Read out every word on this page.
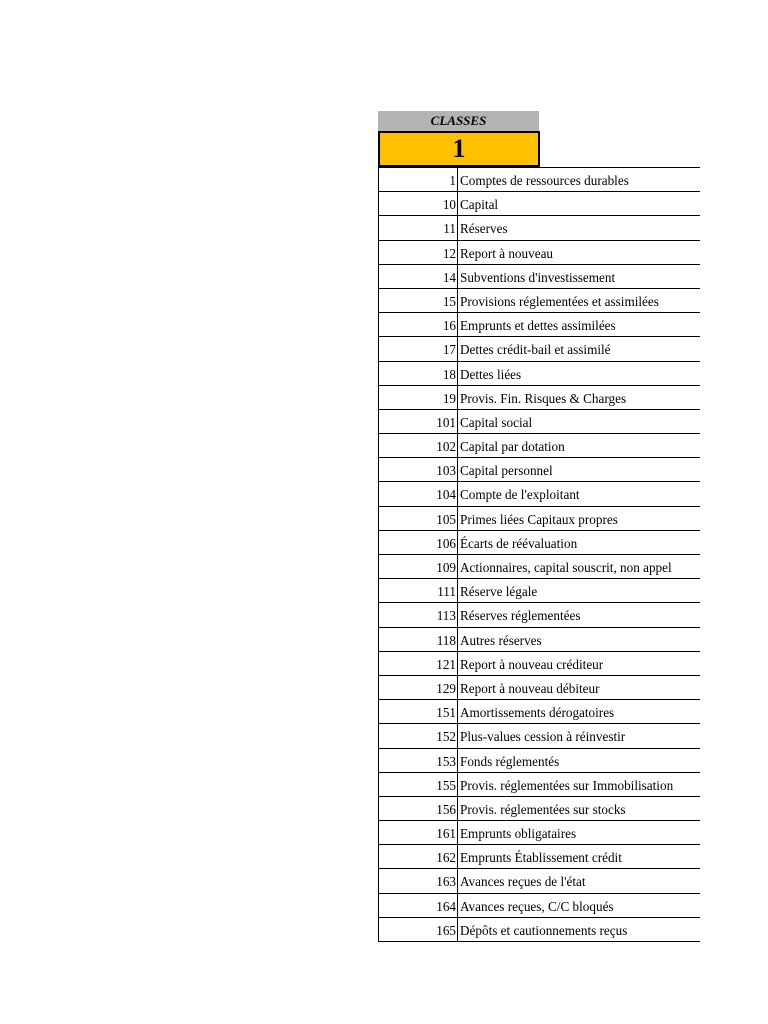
CLASSES
1
1 Comptes de ressources durables
10 Capital
11 Réserves
12 Report à nouveau
14 Subventions d'investissement
15 Provisions réglementées et assimilées
16 Emprunts et dettes assimilées
17 Dettes crédit-bail et assimilé
18 Dettes liées
19 Provis. Fin. Risques & Charges
101 Capital social
102 Capital par dotation
103 Capital personnel
104 Compte de l'exploitant
105 Primes liées Capitaux propres
106 Écarts de réévaluation
109 Actionnaires, capital souscrit, non appel
111 Réserve légale
113 Réserves réglementées
118 Autres réserves
121 Report à nouveau créditeur
129 Report à nouveau débiteur
151 Amortissements dérogatoires
152 Plus-values cession à réinvestir
153 Fonds réglementés
155 Provis. réglementées sur Immobilisation
156 Provis. réglementées sur stocks
161 Emprunts obligataires
162 Emprunts Établissement crédit
163 Avances reçues de l'état
164 Avances reçues, C/C bloqués
165 Dépôts et cautionnements reçus
